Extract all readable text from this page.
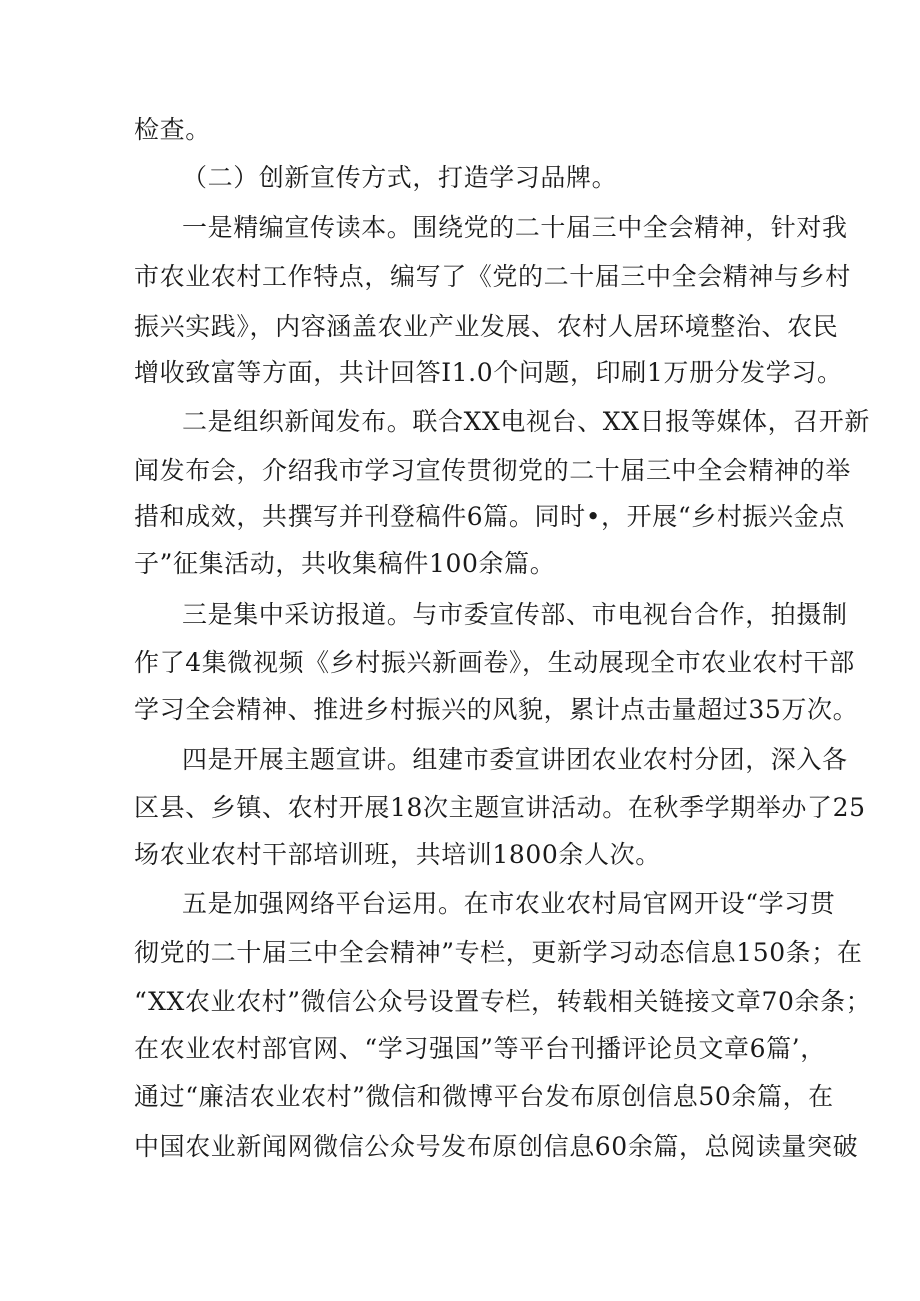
检查。
（二）创新宣传方式，打造学习品牌。
一是精编宣传读本。围绕党的二十届三中全会精神，针对我
市农业农村工作特点，编写了《党的二十届三中全会精神与乡村
振兴实践》，内容涵盖农业产业发展、农村人居环境整治、农民
增收致富等方面，共计回答I1.0个问题，印刷1万册分发学习。
二是组织新闻发布。联合XX电视台、XX日报等媒体，召开新
闻发布会，介绍我市学习宣传贯彻党的二十届三中全会精神的举
措和成效，共撰写并刊登稿件6篇。同时•，开展“乡村振兴金点
子”征集活动，共收集稿件100余篇。
三是集中采访报道。与市委宣传部、市电视台合作，拍摄制
作了4集微视频《乡村振兴新画卷》，生动展现全市农业农村干部
学习全会精神、推进乡村振兴的风貌，累计点击量超过35万次。
四是开展主题宣讲。组建市委宣讲团农业农村分团，深入各
区县、乡镇、农村开展18次主题宣讲活动。在秋季学期举办了25
场农业农村干部培训班，共培训1800余人次。
五是加强网络平台运用。在市农业农村局官网开设“学习贯
彻党的二十届三中全会精神”专栏，更新学习动态信息150条；在
“XX农业农村”微信公众号设置专栏，转载相关链接文章70余条；
在农业农村部官网、“学习强国”等平台刊播评论员文章6篇’，
通过“廉洁农业农村”微信和微博平台发布原创信息50余篇，在
中国农业新闻网微信公众号发布原创信息60余篇，总阅读量突破
